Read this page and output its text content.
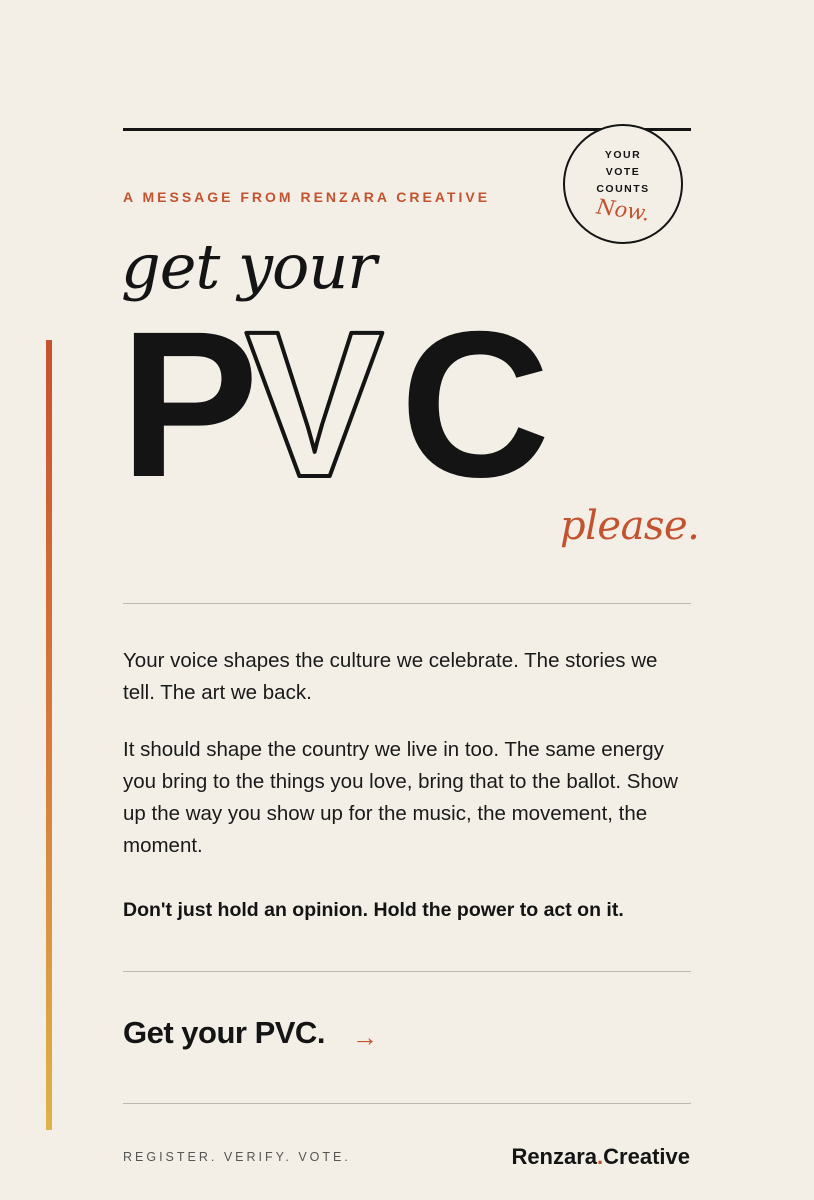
A MESSAGE FROM RENZARA CREATIVE
YOUR
VOTE
COUNTS
Now.
get your
P
V C
please.
Your voice shapes the culture we celebrate. The stories we tell. The art we back.
It should shape the country we live in too. The same energy you bring to the things you love, bring that to the ballot. Show up the way you show up for the music, the movement, the moment.
Don't just hold an opinion. Hold the power to act on it.
Get your PVC. →
REGISTER. VERIFY. VOTE.	Renzara.Creative
